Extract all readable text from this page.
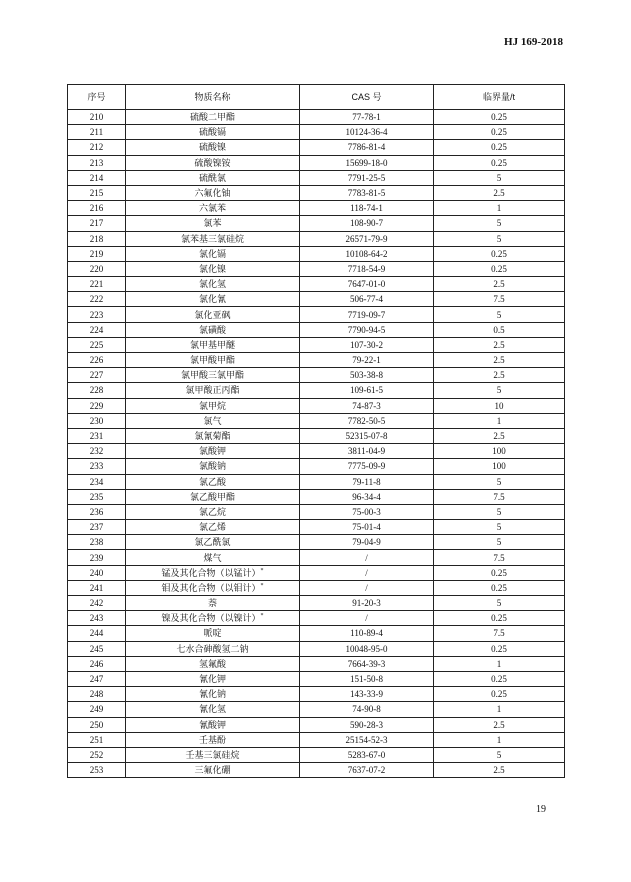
HJ 169-2018
序号	物质名称	CAS 号	临界量/t
210	硫酸二甲酯	77-78-1	0.25
211	硫酸镉	10124-36-4	0.25
212	硫酸镍	7786-81-4	0.25
213	硫酸镍铵	15699-18-0	0.25
214	硫酰氯	7791-25-5	5
215	六氟化铀	7783-81-5	2.5
216	六氯苯	118-74-1	1
217	氯苯	108-90-7	5
218	氯苯基三氯硅烷	26571-79-9	5
219	氯化镉	10108-64-2	0.25
220	氯化镍	7718-54-9	0.25
221	氯化氢	7647-01-0	2.5
222	氯化氰	506-77-4	7.5
223	氯化亚砜	7719-09-7	5
224	氯磺酸	7790-94-5	0.5
225	氯甲基甲醚	107-30-2	2.5
226	氯甲酸甲酯	79-22-1	2.5
227	氯甲酸三氯甲酯	503-38-8	2.5
228	氯甲酸正丙酯	109-61-5	5
229	氯甲烷	74-87-3	10
230	氯气	7782-50-5	1
231	氯氰菊酯	52315-07-8	2.5
232	氯酸钾	3811-04-9	100
233	氯酸钠	7775-09-9	100
234	氯乙酸	79-11-8	5
235	氯乙酸甲酯	96-34-4	7.5
236	氯乙烷	75-00-3	5
237	氯乙烯	75-01-4	5
238	氯乙酰氯	79-04-9	5
239	煤气	/	7.5
240	锰及其化合物（以锰计）*	/	0.25
241	钼及其化合物（以钼计）*	/	0.25
242	萘	91-20-3	5
243	镍及其化合物（以镍计）*	/	0.25
244	哌啶	110-89-4	7.5
245	七水合砷酸氢二钠	10048-95-0	0.25
246	氢氟酸	7664-39-3	1
247	氰化钾	151-50-8	0.25
248	氰化钠	143-33-9	0.25
249	氰化氢	74-90-8	1
250	氰酸钾	590-28-3	2.5
251	壬基酚	25154-52-3	1
252	壬基三氯硅烷	5283-67-0	5
253	三氟化硼	7637-07-2	2.5
19
